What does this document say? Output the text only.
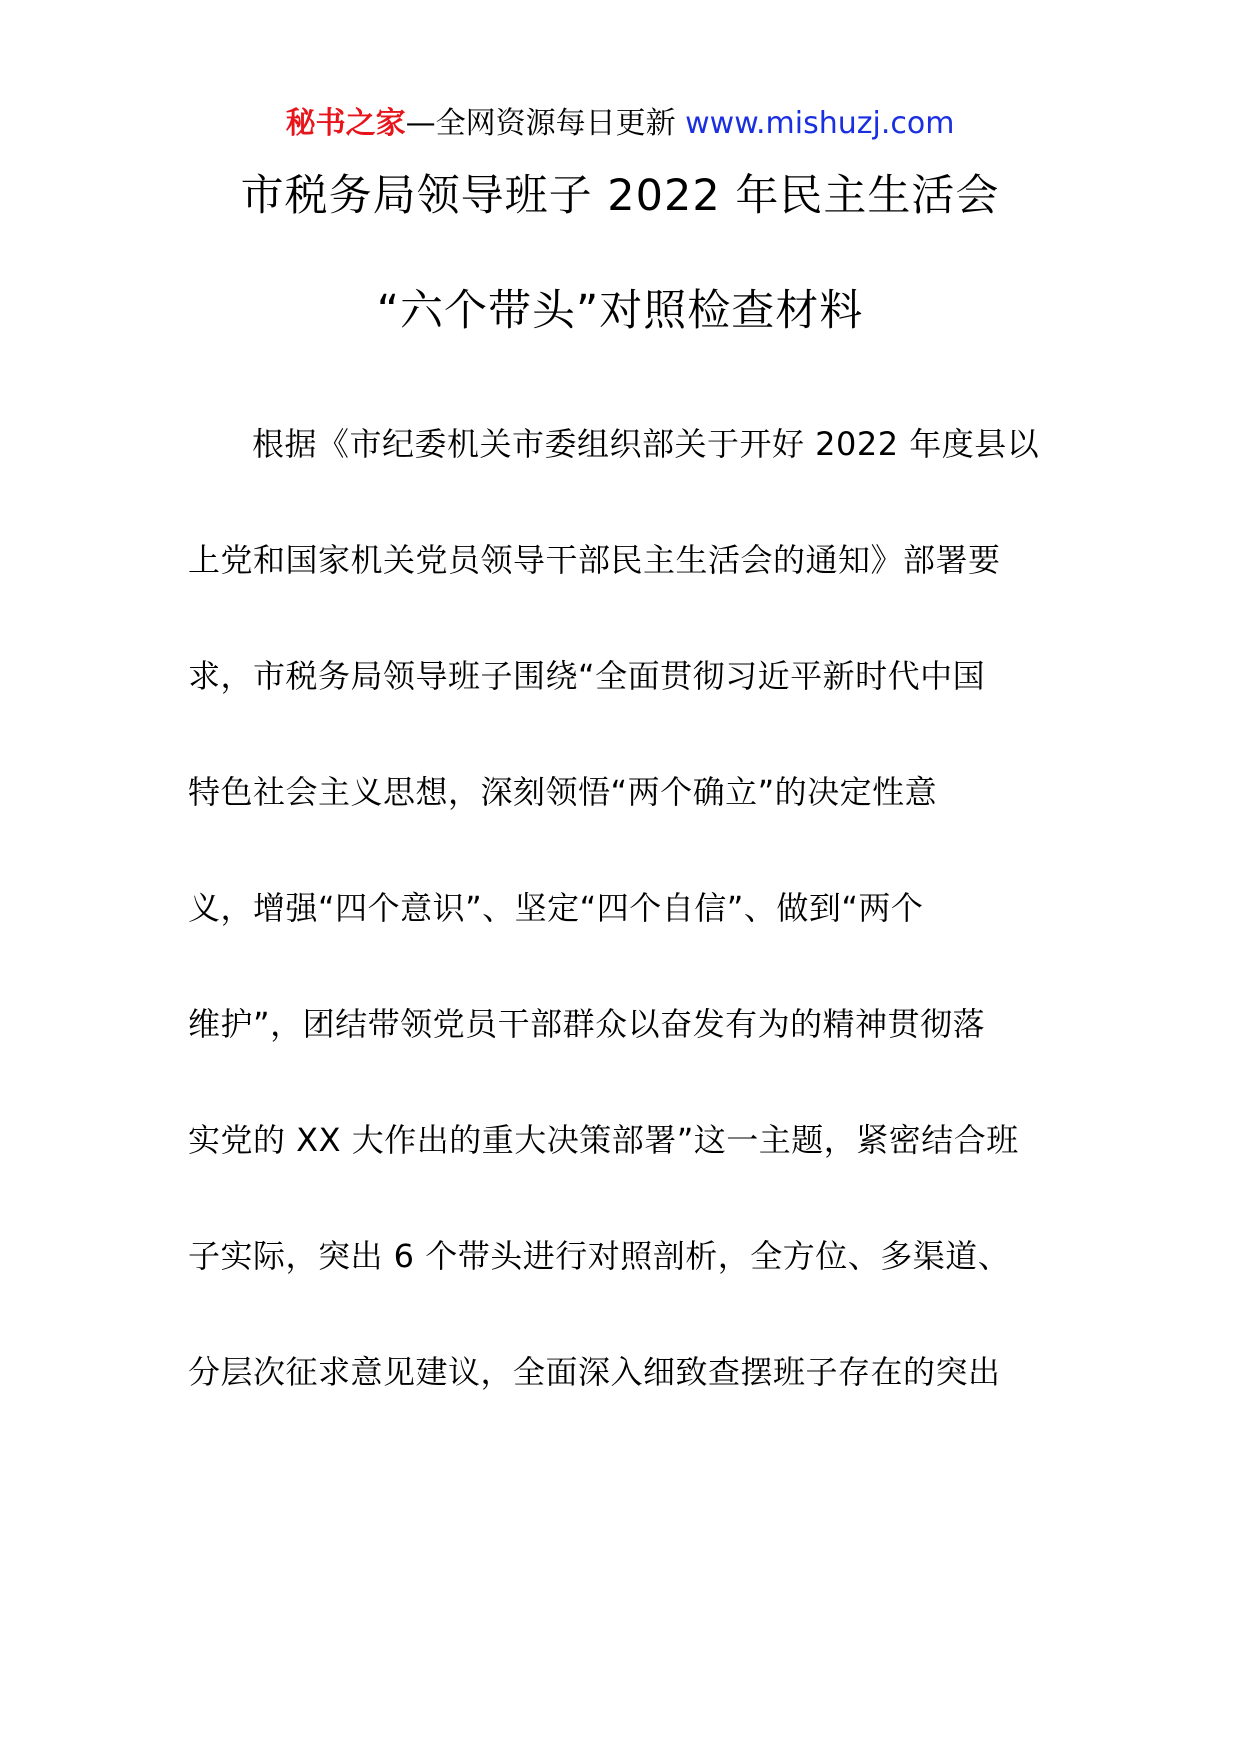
秘书之家—全网资源每日更新 www.mishuzj.com
市税务局领导班子 2022 年民主生活会
“六个带头”对照检查材料
根据《市纪委机关市委组织部关于开好 2022 年度县以
上党和国家机关党员领导干部民主生活会的通知》部署要
求，市税务局领导班子围绕“全面贯彻习近平新时代中国
特色社会主义思想，深刻领悟“两个确立”的决定性意
义，增强“四个意识”、坚定“四个自信”、做到“两个
维护”，团结带领党员干部群众以奋发有为的精神贯彻落
实党的 XX 大作出的重大决策部署”这一主题，紧密结合班
子实际，突出 6 个带头进行对照剖析，全方位、多渠道、
分层次征求意见建议，全面深入细致查摆班子存在的突出
